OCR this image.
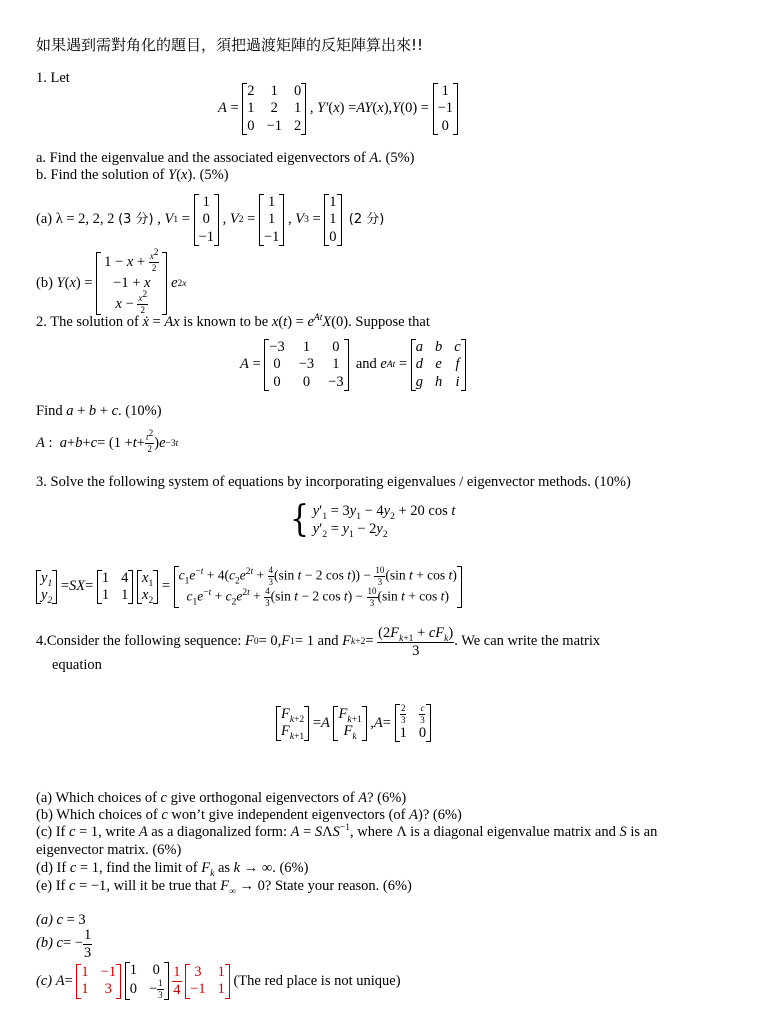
如果遇到需對角化的題目，須把過渡矩陣的反矩陣算出來!!
1. Let
A =
2 1 0
1 2 1
0 −1 2
, Y′ ( x ) = AY ( x ), Y (0) =
1
−1
0
a. Find the eigenvalue and the associated eigenvectors of A. (5%)
b. Find the solution of Y(x). (5%)
(a) λ = 2, 2, 2 (3 分) , V 1 =
1
0
−1
, V 2 =
1
1
−1
, V 3 =
1
1
0

(2 分)
(b)
Y ( x ) =
$1 - x + \frac{x^2}{2}$
−1 + x
$x - \frac{x^2}{2}$

e 2x
2. The solution of ẋ = Ax is known to be $x(t) = e^{At}X(0)$. Suppose that
A =
−3 1 0
0 −3 1
0 0 −3

and
e At =
a b c
d e f
g h i
Find a + b + c. (10%)
A : $a + b + c = (1 + t + \frac{t^2}{2}$ ) e −3t
3. Solve the following system of equations by incorporating eigenvalues / eigenvector methods. (10%)
{
$y'_1 = 3y_1 - 4y_2 + 20$ cos t
$y'_2 = y_1 - 2y_2$
$y_1$
$y_2$
= SX =
1 4
1 1

$x_1$
$x_2$
=
$c_1e^{-t} + 4(c_2e^{2t} + \frac{4}{3} (\sin$ t − 2 $\cos t)) - \frac{10}{3} (\sin$ t + cos t)
$c_1e^{-t} + c_2e^{2t} + \frac{4}{3} (\sin$ t − 2 $\cos t) - \frac{10}{3} (\sin$ t + cos t)
4.Consider the following sequence:
F 0 = 0, F 1 = 1 and
F $k+2 = \frac{(2F_{k+1} + cF_k)}{3}$ . We can write the matrix
equation
$F_{k+2}$
$F_{k+1}$
= A

$F_{k+1}$
$F_k$
, $A = \frac{2}{3} \frac{c}{3}$
1 0
(a) Which choices of c give orthogonal eigenvectors of A? (6%)
(b) Which choices of c won’t give independent eigenvectors (of A)? (6%)
(c) If c = 1, write A as a diagonalized form: $A = S\Lambda S^{-1}$, where Λ is a diagonal eigenvalue matrix and S is an
eigenvector matrix. (6%)
(d) If c = 1, find the limit of $F_k$ as k → ∞. (6%)
(e) If c = −1, will it be true that $F_\infty \to 0$? State your reason. (6%)
(a) c = 3
(b)
c = − $\frac{1}{3}$
(c)
A =
1 −1
1 3

1 0
$0 - \frac{1}{3}$
$\frac{1}{4}$
3 1
−1 1

(The red place is not unique)
